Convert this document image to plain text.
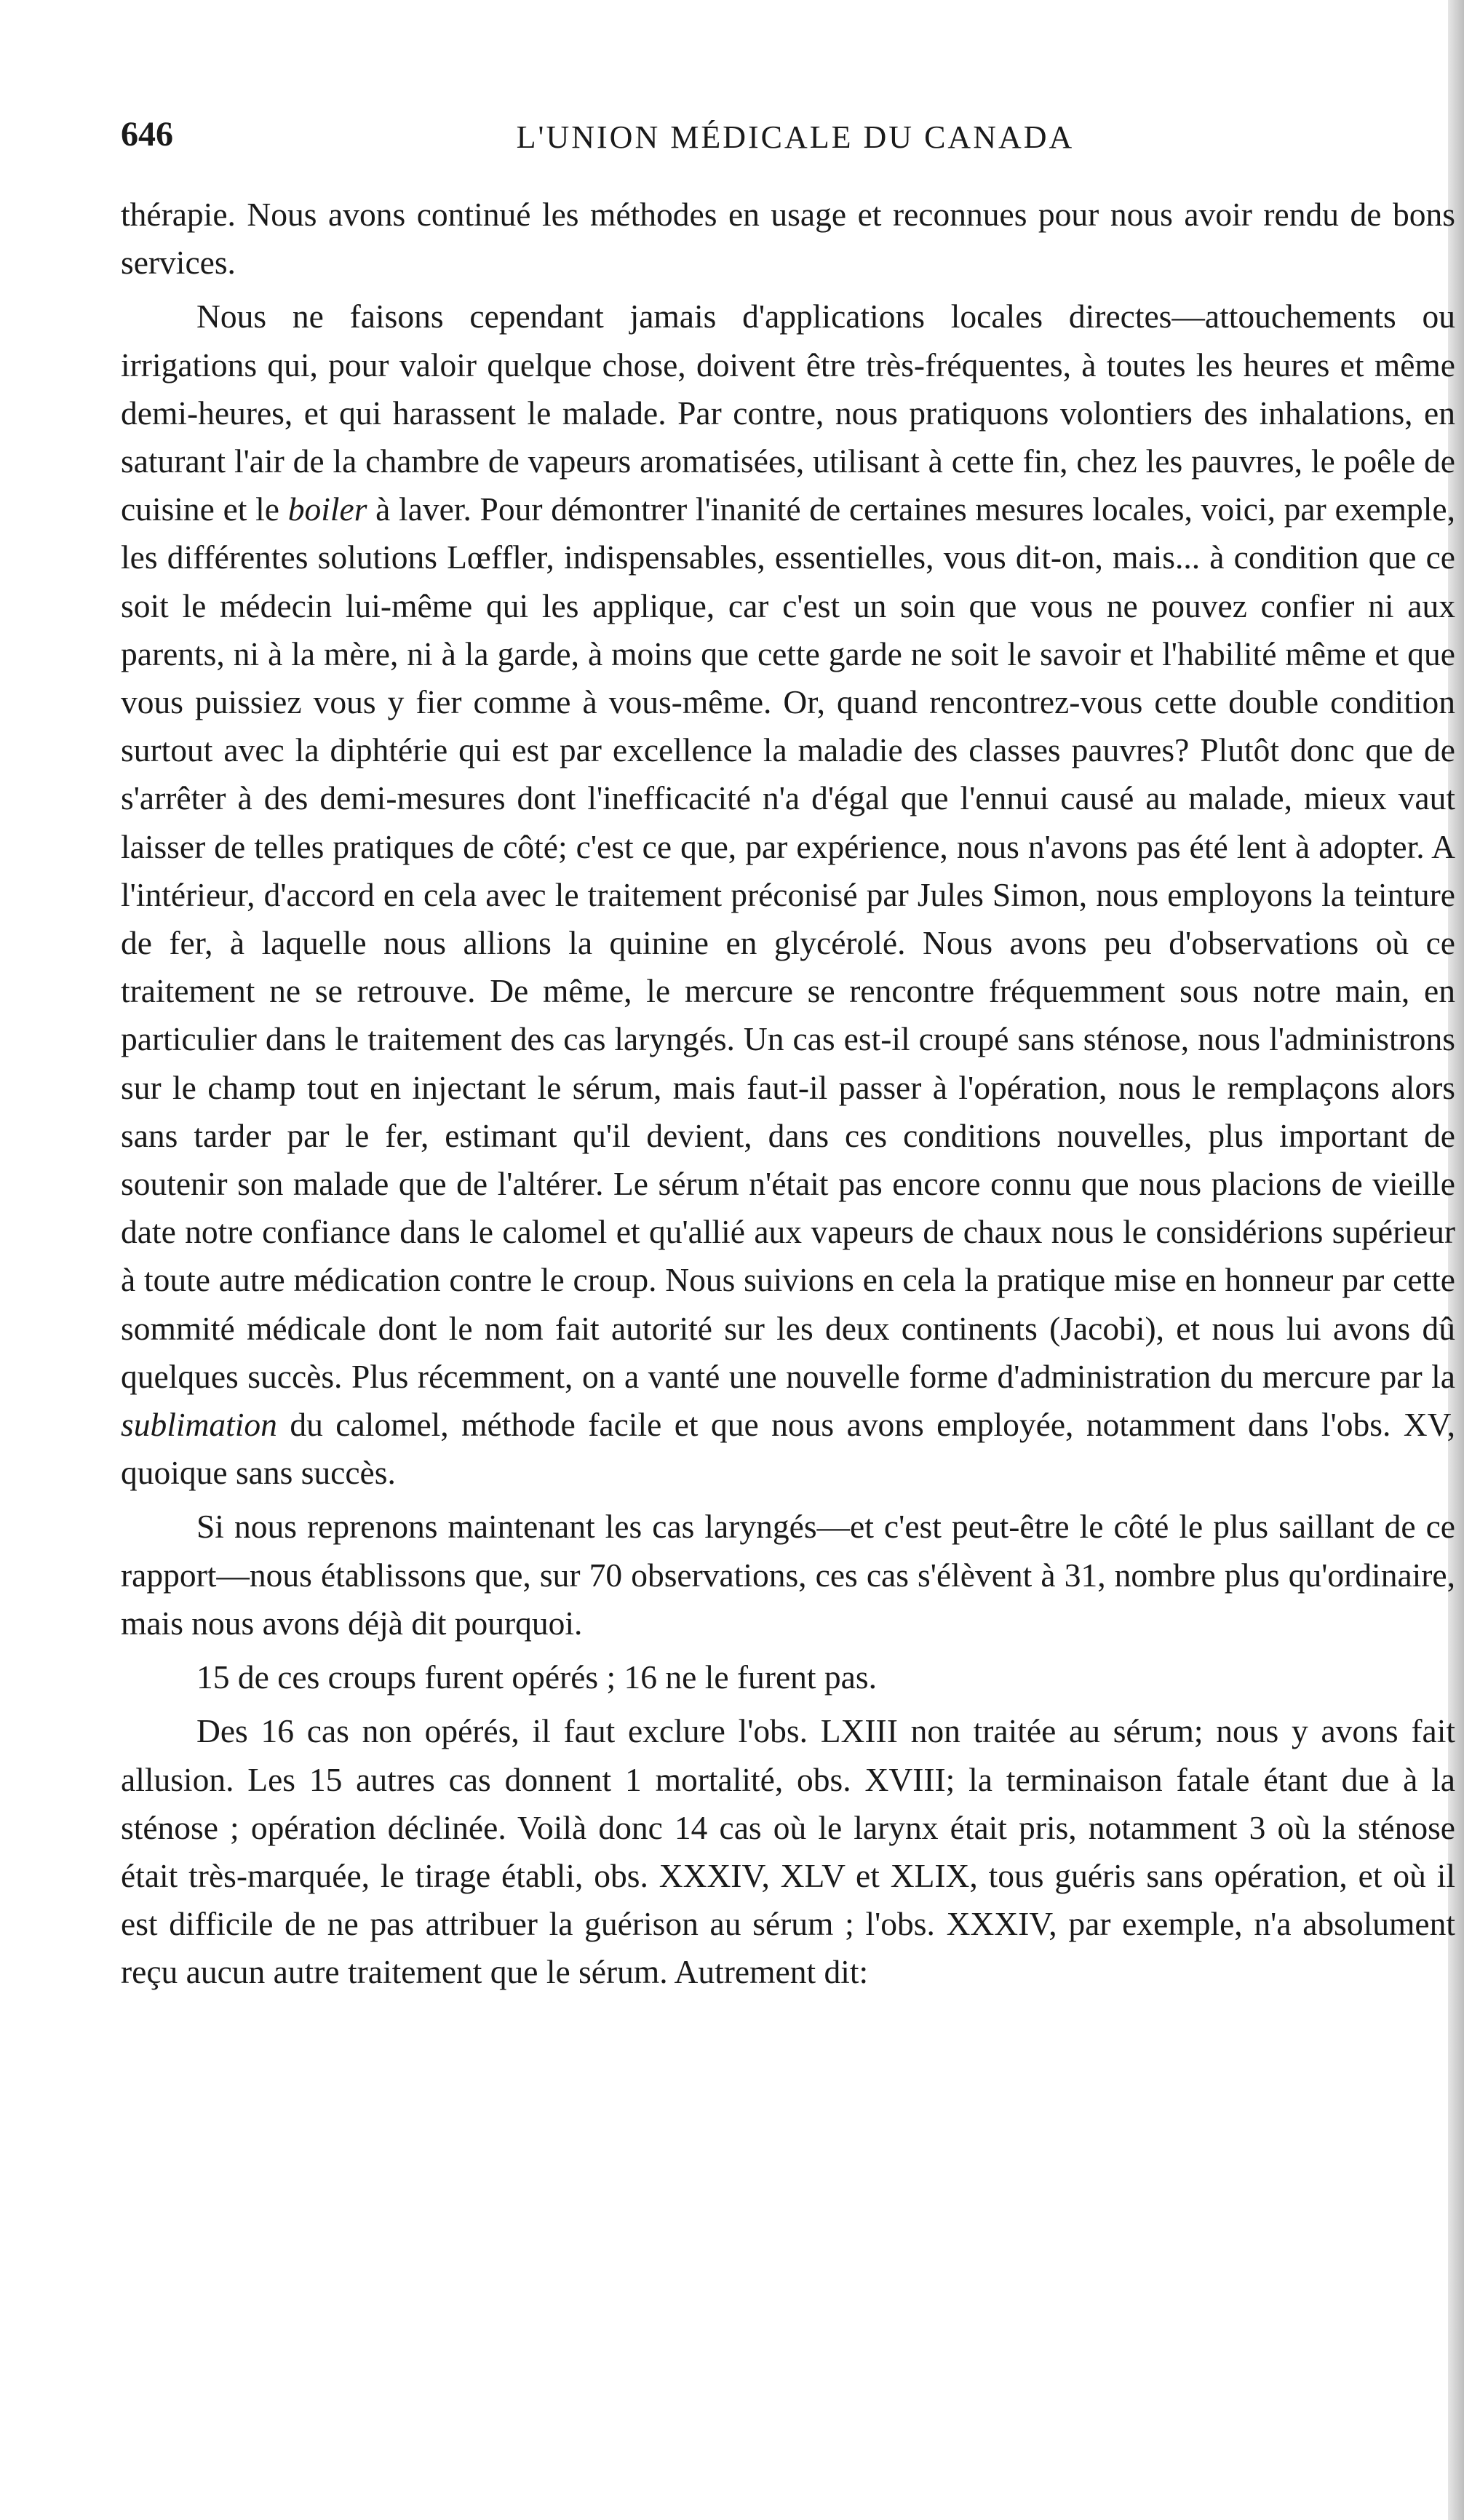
646	L'UNION MÉDICALE DU CANADA

thérapie. Nous avons continué les méthodes en usage et reconnues pour nous avoir rendu de bons services.

Nous ne faisons cependant jamais d'applications locales directes—attouchements ou irrigations qui, pour valoir quelque chose, doivent être très-fréquentes, à toutes les heures et même demi-heures, et qui harassent le malade. Par contre, nous pratiquons volontiers des inhalations, en saturant l'air de la chambre de vapeurs aromatisées, utilisant à cette fin, chez les pauvres, le poêle de cuisine et le boiler à laver. Pour démontrer l'inanité de certaines mesures locales, voici, par exemple, les différentes solutions Lœffler, indispensables, essentielles, vous dit-on, mais... à condition que ce soit le médecin lui-même qui les applique, car c'est un soin que vous ne pouvez confier ni aux parents, ni à la mère, ni à la garde, à moins que cette garde ne soit le savoir et l'habilité même et que vous puissiez vous y fier comme à vous-même. Or, quand rencontrez-vous cette double condition surtout avec la diphtérie qui est par excellence la maladie des classes pauvres? Plutôt donc que de s'arrêter à des demi-mesures dont l'inefficacité n'a d'égal que l'ennui causé au malade, mieux vaut laisser de telles pratiques de côté; c'est ce que, par expérience, nous n'avons pas été lent à adopter. A l'intérieur, d'accord en cela avec le traitement préconisé par Jules Simon, nous employons la teinture de fer, à laquelle nous allions la quinine en glycérolé. Nous avons peu d'observations où ce traitement ne se retrouve. De même, le mercure se rencontre fréquemment sous notre main, en particulier dans le traitement des cas laryngés. Un cas est-il croupé sans sténose, nous l'administrons sur le champ tout en injectant le sérum, mais faut-il passer à l'opération, nous le remplaçons alors sans tarder par le fer, estimant qu'il devient, dans ces conditions nouvelles, plus important de soutenir son malade que de l'altérer. Le sérum n'était pas encore connu que nous placions de vieille date notre confiance dans le calomel et qu'allié aux vapeurs de chaux nous le considérions supérieur à toute autre médication contre le croup. Nous suivions en cela la pratique mise en honneur par cette sommité médicale dont le nom fait autorité sur les deux continents (Jacobi), et nous lui avons dû quelques succès. Plus récemment, on a vanté une nouvelle forme d'administration du mercure par la sublimation du calomel, méthode facile et que nous avons employée, notamment dans l'obs. XV, quoique sans succès.

Si nous reprenons maintenant les cas laryngés—et c'est peut-être le côté le plus saillant de ce rapport—nous établissons que, sur 70 observations, ces cas s'élèvent à 31, nombre plus qu'ordinaire, mais nous avons déjà dit pourquoi.

15 de ces croups furent opérés ; 16 ne le furent pas.

Des 16 cas non opérés, il faut exclure l'obs. LXIII non traitée au sérum; nous y avons fait allusion. Les 15 autres cas donnent 1 mortalité, obs. XVIII; la terminaison fatale étant due à la sténose ; opération déclinée. Voilà donc 14 cas où le larynx était pris, notamment 3 où la sténose était très-marquée, le tirage établi, obs. XXXIV, XLV et XLIX, tous guéris sans opération, et où il est difficile de ne pas attribuer la guérison au sérum ; l'obs. XXXIV, par exemple, n'a absolument reçu aucun autre traitement que le sérum. Autrement dit:
